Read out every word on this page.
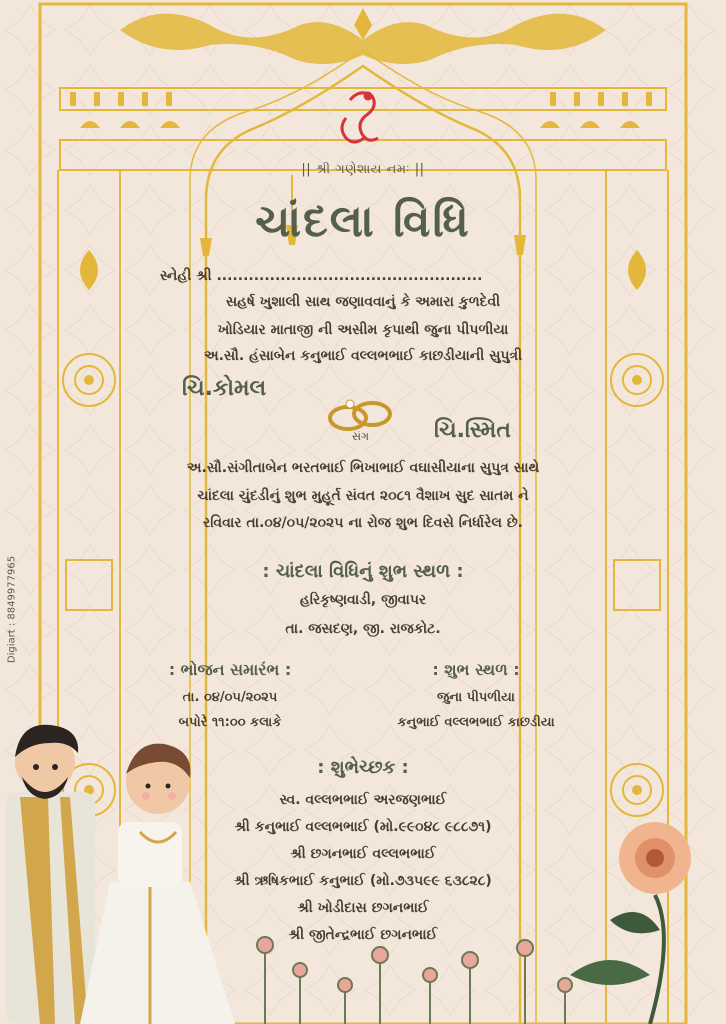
|| શ્રી ગણેશાય નમઃ ||
ચાંદલા વિધિ
સ્નેહી શ્રી ..................................................
સહર્ષ ખુશાલી સાથ જણાવવાનું કે અમારા કુળદેવી
ખોડિયાર માતાજી ની અસીમ કૃપાથી જુના પીપળીયા
અ.સૌ. હંસાબેન કનુભાઈ વલ્લભભાઈ કાછડીયાની સુપુત્રી
ચિ.કોમલ
સંગ	ચિ.સ્મિત
અ.સૌ.સંગીતાબેન ભરતભાઈ ભિખાભાઈ વઘાસીયાના સુપુત્ર સાથે
ચાંદલા ચુંદડીનું શુભ મુહૂર્ત સંવત ૨૦૮૧ વૈશાખ સુદ સાતમ ને
રવિવાર તા.૦૪/૦૫/૨૦૨૫ ના રોજ શુભ દિવસે નિર્ધારેલ છે.
: ચાંદલા વિધિનું શુભ સ્થળ :
હરિકૃષ્ણવાડી, જીવાપર
તા. જસદણ, જી. રાજકોટ.
: ભોજન સમારંભ :
તા. ૦૪/૦૫/૨૦૨૫
બપોરે ૧૧:૦૦ કલાકે
: શુભ સ્થળ :
જુના પીપળીયા
કનુભાઈ વલ્લભભાઈ કાછડીયા
: શુભેચ્છક :
સ્વ. વલ્લભભાઈ અરજણભાઈ
શ્રી કનુભાઈ વલ્લભભાઈ (મો.૯૯૦૪૮ ૯૮૮૭૧)
શ્રી છગનભાઈ વલ્લભભાઈ
શ્રી ઋષિકભાઈ કનુભાઈ (મો.૭૩૫૯૯ ૬૩૮૨૮)
શ્રી ખોડીદાસ છગનભાઈ
શ્રી જીતેન્દ્રભાઈ છગનભાઈ
Digiart : 8849977965
